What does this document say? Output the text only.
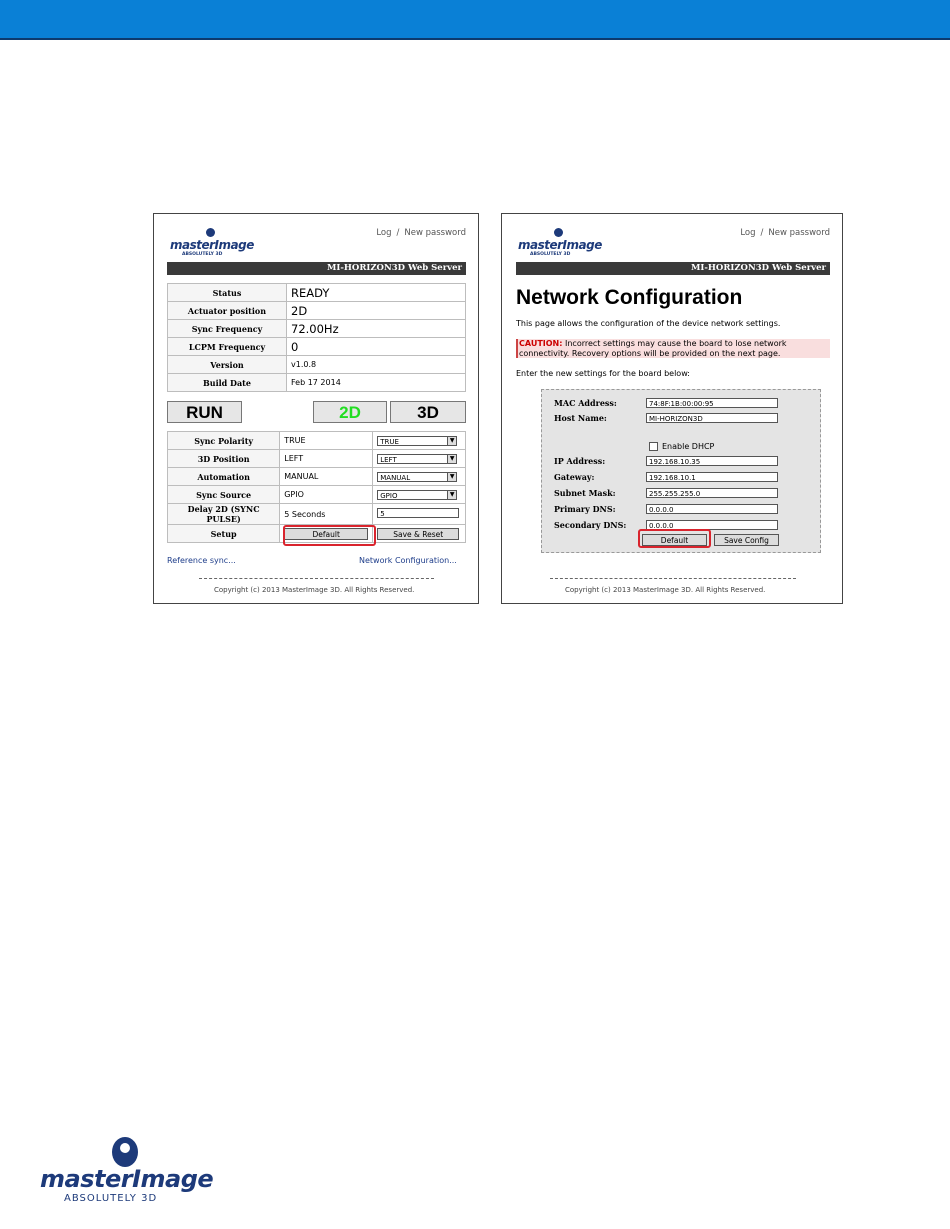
masterImage
ABSOLUTELY 3D
Log / New password
MI-HORIZON3D Web Server
Status	READY
Actuator position	2D
Sync Frequency	72.00Hz
LCPM Frequency	0
Version	v1.0.8
Build Date	Feb 17 2014
RUN	2D	3D
Sync Polarity	TRUE	TRUE ▼

3D Position	LEFT	LEFT ▼

Automation	MANUAL	MANUAL ▼

Sync Source	GPIO	GPIO ▼

Delay 2D (SYNC PULSE)	5 Seconds	5
Setup	Default	Save & Reset
Reference sync...	Network Configuration...
Copyright (c) 2013 MasterImage 3D. All Rights Reserved.
masterImage
ABSOLUTELY 3D
Log / New password
MI-HORIZON3D Web Server
Network Configuration
This page allows the configuration of the device network settings.
CAUTION: Incorrect settings may cause the board to lose network
connectivity. Recovery options will be provided on the next page.
Enter the new settings for the board below:
MAC Address:	74:8F:1B:00:00:95
Host Name:	MI-HORIZON3D
Enable DHCP
IP Address:	192.168.10.35
Gateway:	192.168.10.1
Subnet Mask:	255.255.255.0
Primary DNS:	0.0.0.0
Secondary DNS:	0.0.0.0
Default	Save Config
Copyright (c) 2013 MasterImage 3D. All Rights Reserved.
masterImage
ABSOLUTELY 3D
